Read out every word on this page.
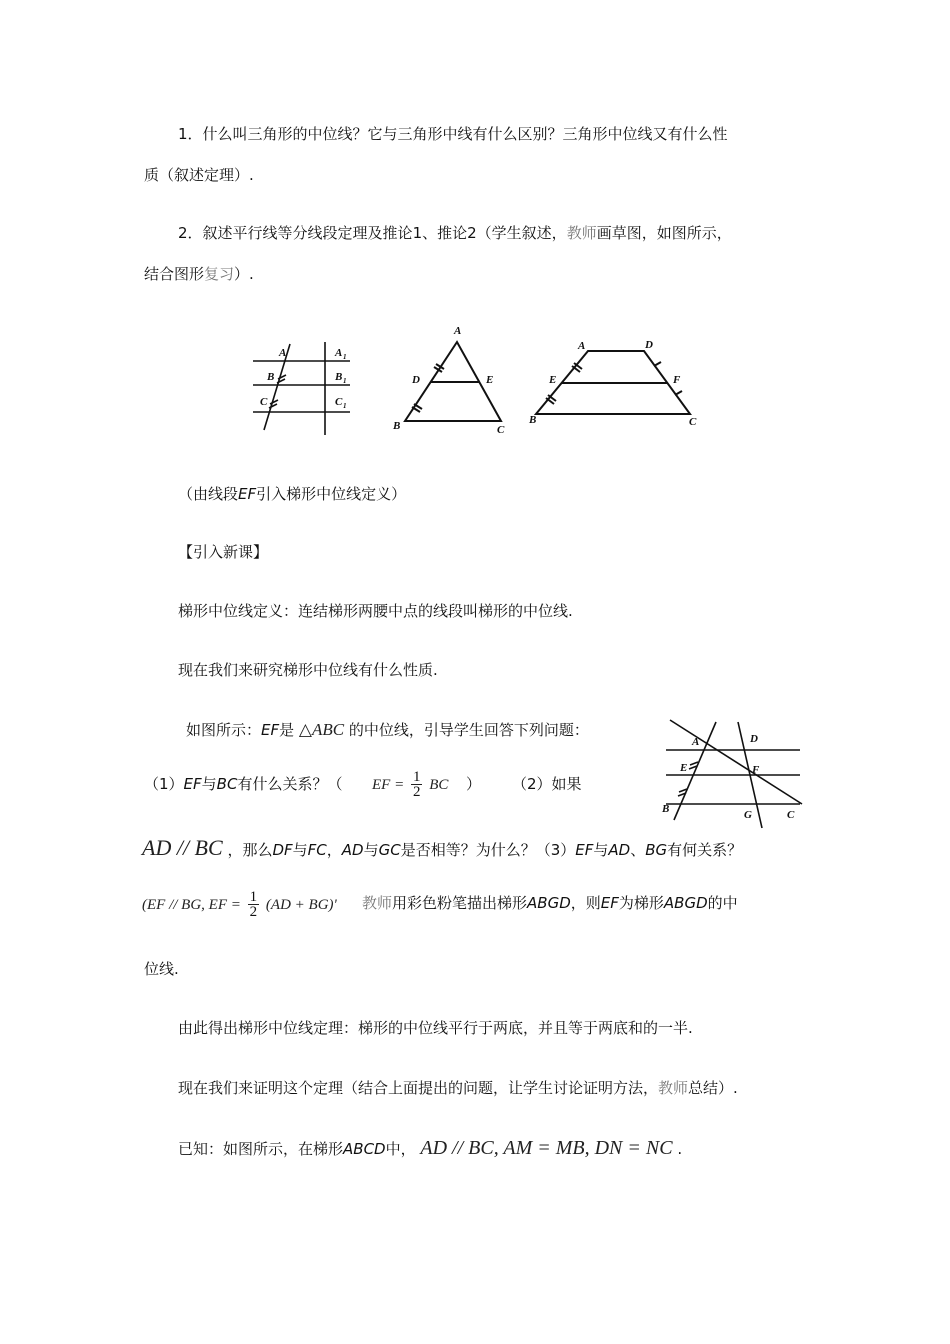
1．什么叫三角形的中位线？它与三角形中线有什么区别？三角形中位线又有什么性
质（叙述定理）.
2．叙述平行线等分线段定理及推论1、推论2（学生叙述，教师画草图，如图所示，
结合图形复习）.
A
B
C
A
B
C
1
1
1
A
D	E
B	C
A	D
E	F
B	C
（由线段EF引入梯形中位线定义）
【引入新课】
梯形中位线定义：连结梯形两腰中点的线段叫梯形的中位线.
现在我们来研究梯形中位线有什么性质.
如图所示：EF是 △ABC 的中位线，引导学生回答下列问题：
A	D
E	F
B	G	C
（1）EF与BC有什么关系？（ EF = $\frac{1}{2}$ BC ） （2）如果
AD // BC ，那么DF与FC，AD与GC是否相等？为什么？（3）EF与AD、BG有何关系？
(EF // BG, EF = $\frac{1}{2} (AD + BG)'$ 教师用彩色粉笔描出梯形ABGD，则EF为梯形ABGD的中
位线.
由此得出梯形中位线定理：梯形的中位线平行于两底，并且等于两底和的一半.
现在我们来证明这个定理（结合上面提出的问题，让学生讨论证明方法，教师总结）.
已知：如图所示，在梯形ABCD中， AD // BC, AM = MB, DN = NC .
